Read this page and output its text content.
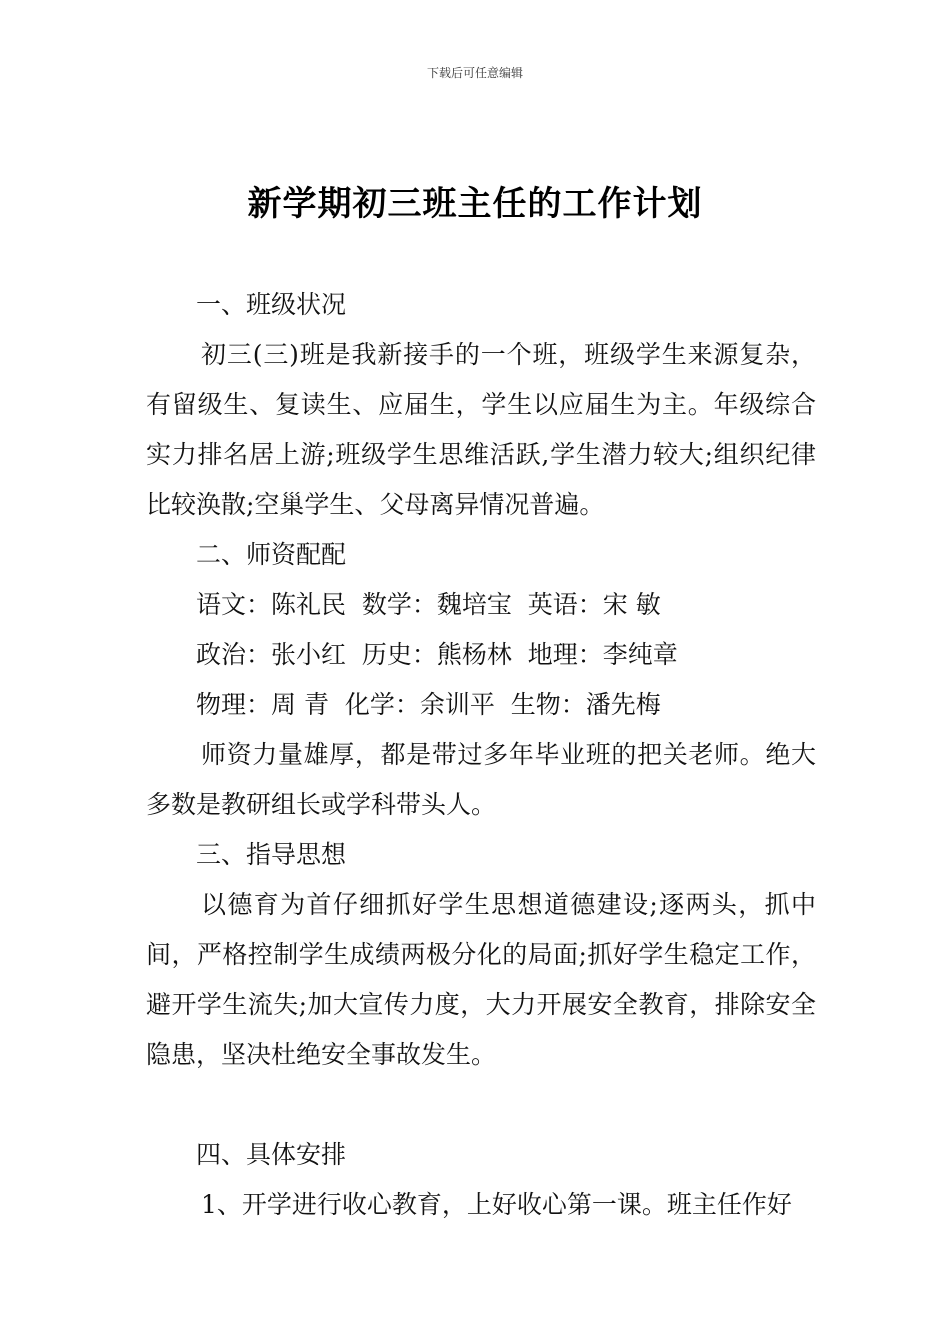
下载后可任意编辑
新学期初三班主任的工作计划

一、班级状况

初三(三)班是我新接手的一个班，班级学生来源复杂，有留级生、复读生、应届生，学生以应届生为主。年级综合实力排名居上游;班级学生思维活跃,学生潜力较大;组织纪律比较涣散;空巢学生、父母离异情况普遍。

二、师资配配

语文：陈礼民  数学：魏培宝  英语：宋 敏

政治：张小红  历史：熊杨林  地理：李纯章

物理：周 青  化学：余训平  生物：潘先梅

师资力量雄厚，都是带过多年毕业班的把关老师。绝大多数是教研组长或学科带头人。

三、指导思想

以德育为首仔细抓好学生思想道德建设;逐两头，抓中间，严格控制学生成绩两极分化的局面;抓好学生稳定工作，避开学生流失;加大宣传力度，大力开展安全教育，排除安全隐患，坚决杜绝安全事故发生。

四、具体安排

1、开学进行收心教育，上好收心第一课。班主任作好
